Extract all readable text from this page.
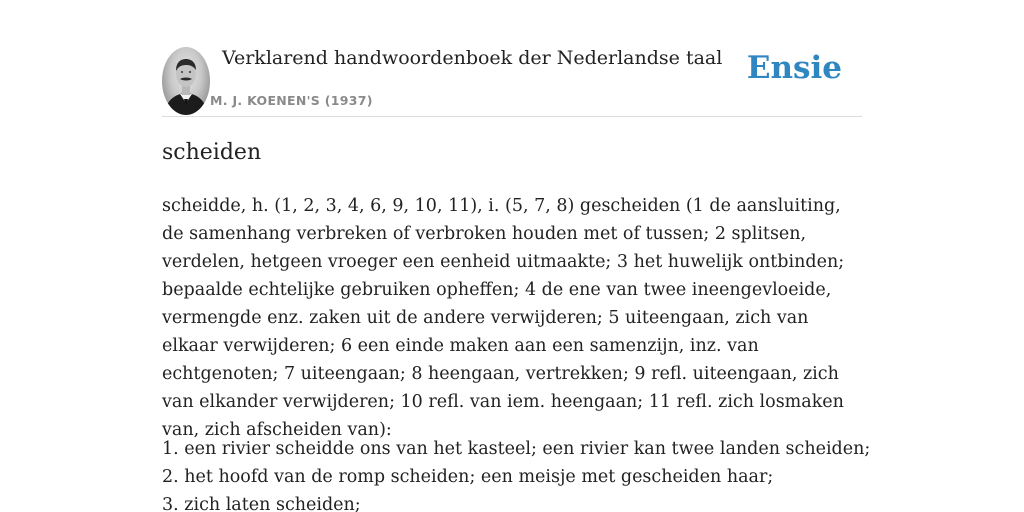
Verklarend handwoordenboek der Nederlandse taal
M. J. KOENEN'S (1937)
Ensie
scheiden

scheidde, h. (1, 2, 3, 4, 6, 9, 10, 11), i. (5, 7, 8) gescheiden (1 de aansluiting, de samenhang verbreken of verbroken houden met of tussen; 2 splitsen, verdelen, hetgeen vroeger een eenheid uitmaakte; 3 het huwelijk ontbinden; bepaalde echtelijke gebruiken opheffen; 4 de ene van twee ineengevloeide, vermengde enz. zaken uit de andere verwijderen; 5 uiteengaan, zich van elkaar verwijderen; 6 een einde maken aan een samenzijn, inz. van echtgenoten; 7 uiteengaan; 8 heengaan, vertrekken; 9 refl. uiteengaan, zich van elkander verwijderen; 10 refl. van iem. heengaan; 11 refl. zich losmaken van, zich afscheiden van):

1. een rivier scheidde ons van het kasteel; een rivier kan twee landen scheiden;
2. het hoofd van de romp scheiden; een meisje met gescheiden haar;
3. zich laten scheiden;
